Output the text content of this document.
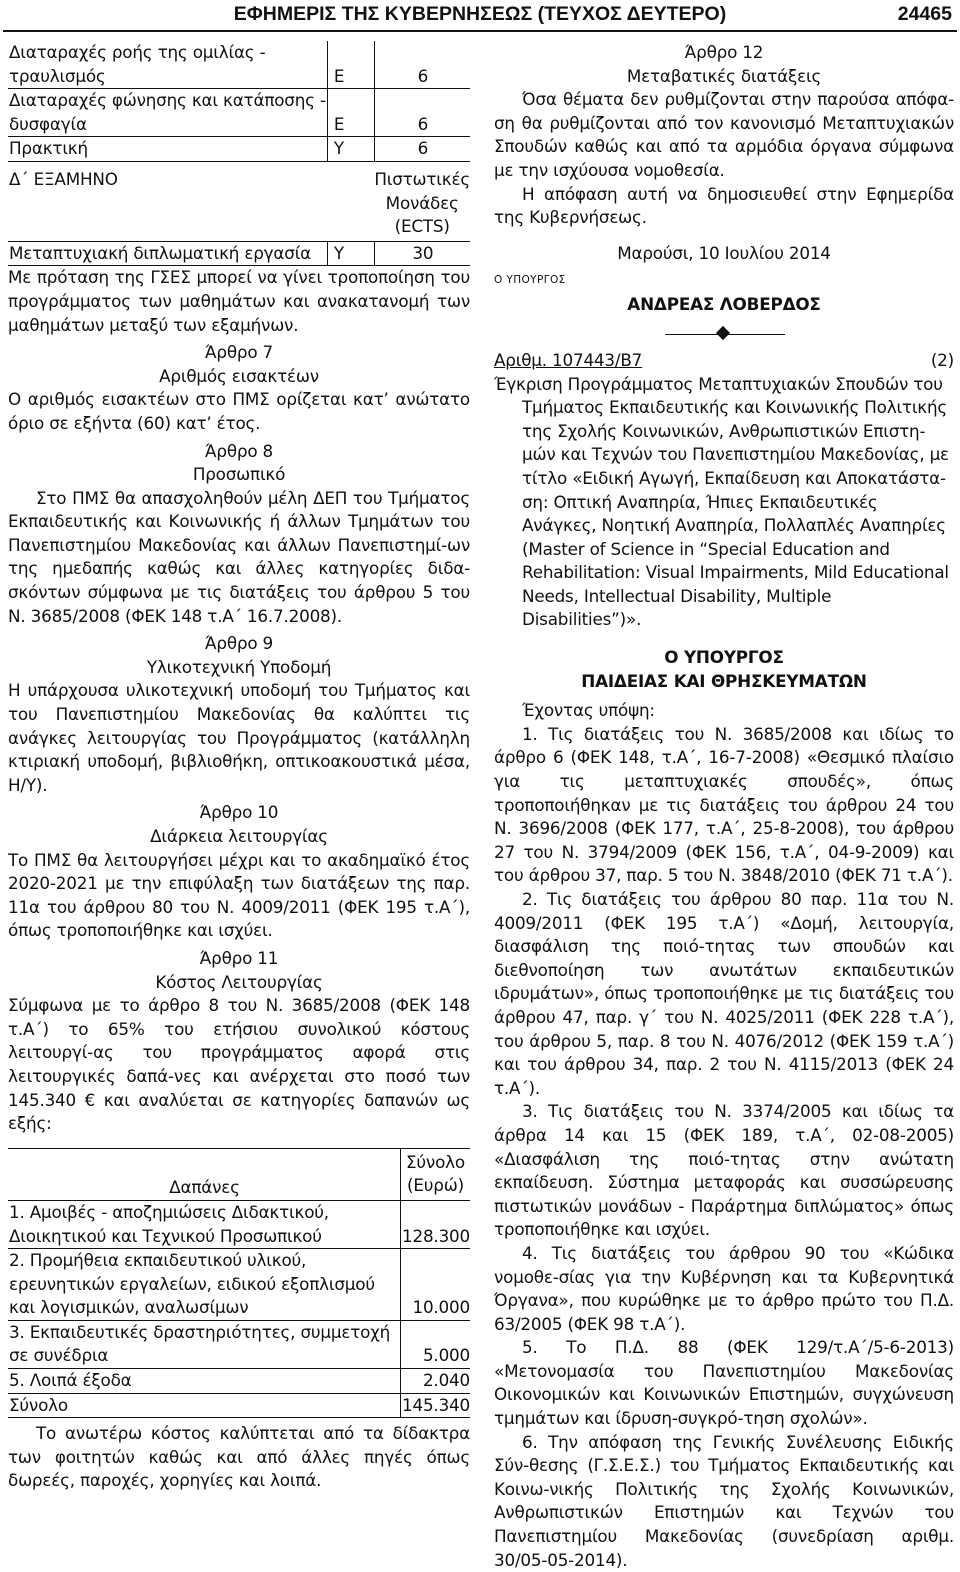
ΕΦΗΜΕΡΙΣ ΤΗΣ ΚΥΒΕΡΝΗΣΕΩΣ (ΤΕΥΧΟΣ ΔΕΥΤΕΡΟ)	24465
Διαταραχές ροής της ομιλίας ‑ τραυλισμός	Ε	6
Διαταραχές φώνησης και κατάποσης ‑ δυσφαγία	Ε	6
Πρακτική	Υ	6
Δ΄ ΕΞΑΜΗΝΟ		Πιστωτικές Μονάδες (ECTS)
Μεταπτυχιακή διπλωματική εργασία	Υ	30

Με πρόταση της ΓΣΕΣ μπορεί να γίνει τροποποίηση του προγράμματος των μαθημάτων και ανακατανομή των μαθημάτων μεταξύ των εξαμήνων.

Άρθρο 7

Αριθμός εισακτέων

Ο αριθμός εισακτέων στο ΠΜΣ ορίζεται κατ’ ανώτατο όριο σε εξήντα (60) κατ’ έτος.

Άρθρο 8

Προσωπικό

Στο ΠΜΣ θα απασχοληθούν μέλη ΔΕΠ του Τμήματος Εκπαιδευτικής και Κοινωνικής ή άλλων Τμημάτων του Πανεπιστημίου Μακεδονίας και άλλων Πανεπιστημί-ων της ημεδαπής καθώς και άλλες κατηγορίες διδα-σκόντων σύμφωνα με τις διατάξεις του άρθρου 5 του Ν. 3685/2008 (ΦΕΚ 148 τ.Α΄ 16.7.2008).

Άρθρο 9

Υλικοτεχνική Υποδομή

Η υπάρχουσα υλικοτεχνική υποδομή του Τμήματος και του Πανεπιστημίου Μακεδονίας θα καλύπτει τις ανάγκες λειτουργίας του Προγράμματος (κατάλληλη κτιριακή υποδομή, βιβλιοθήκη, οπτικοακουστικά μέσα, Η/Υ).

Άρθρο 10

Διάρκεια λειτουργίας

Το ΠΜΣ θα λειτουργήσει μέχρι και το ακαδημαϊκό έτος 2020‑2021 με την επιφύλαξη των διατάξεων της παρ. 11α του άρθρου 80 του Ν. 4009/2011 (ΦΕΚ 195 τ.Α΄), όπως τροποποιήθηκε και ισχύει.

Άρθρο 11

Κόστος Λειτουργίας

Σύμφωνα με το άρθρο 8 του Ν. 3685/2008 (ΦΕΚ 148 τ.Α΄) το 65% του ετήσιου συνολικού κόστους λειτουργί-ας του προγράμματος αφορά στις λειτουργικές δαπά-νες και ανέρχεται στο ποσό των 145.340 € και αναλύεται σε κατηγορίες δαπανών ως εξής:

Δαπάνες	Σύνολο (Ευρώ)
1. Αμοιβές ‑ αποζημιώσεις Διδακτικού, Διοικητικού και Τεχνικού Προσωπικού	128.300
2. Προμήθεια εκπαιδευτικού υλικού, ερευνητικών εργαλείων, ειδικού εξοπλισμού και λογισμικών, αναλωσίμων	10.000
3. Εκπαιδευτικές δραστηριότητες, συμμετοχή σε συνέδρια	5.000
5. Λοιπά έξοδα	2.040
Σύνολο	145.340

Το ανωτέρω κόστος καλύπτεται από τα δίδακτρα των φοιτητών καθώς και από άλλες πηγές όπως δωρεές, παροχές, χορηγίες και λοιπά.

Άρθρο 12

Μεταβατικές διατάξεις

Όσα θέματα δεν ρυθμίζονται στην παρούσα απόφα-ση θα ρυθμίζονται από τον κανονισμό Μεταπτυχιακών Σπουδών καθώς και από τα αρμόδια όργανα σύμφωνα με την ισχύουσα νομοθεσία.

Η απόφαση αυτή να δημοσιευθεί στην Εφημερίδα της Κυβερνήσεως.

Μαρούσι, 10 Ιουλίου 2014

Ο ΥΠΟΥΡΓΟΣ

ΑΝΔΡΕΑΣ ΛΟΒΕΡΔΟΣ

Αριθμ. 107443/Β7	(2)

Έγκριση Προγράμματος Μεταπτυχιακών Σπουδών του Τμήματος Εκπαιδευτικής και Κοινωνικής Πολιτικής της Σχολής Κοινωνικών, Ανθρωπιστικών Επιστη-μών και Τεχνών του Πανεπιστημίου Μακεδονίας, με τίτλο «Ειδική Αγωγή, Εκπαίδευση και Αποκατάστα-ση: Οπτική Αναπηρία, Ήπιες Εκπαιδευτικές Ανάγκες, Νοητική Αναπηρία, Πολλαπλές Αναπηρίες (Master of Science in “Special Education and Rehabilitation: Visual Impairments, Mild Educational Needs, Intellectual Disability, Multiple Disabilities”)».

Ο ΥΠΟΥΡΓΟΣ

ΠΑΙΔΕΙΑΣ ΚΑΙ ΘΡΗΣΚΕΥΜΑΤΩΝ

Έχοντας υπόψη:

1. Τις διατάξεις του Ν. 3685/2008 και ιδίως το άρθρο 6 (ΦΕΚ 148, τ.Α΄, 16‑7‑2008) «Θεσμικό πλαίσιο για τις μεταπτυχιακές σπουδές», όπως τροποποιήθηκαν με τις διατάξεις του άρθρου 24 του Ν. 3696/2008 (ΦΕΚ 177, τ.Α΄, 25‑8‑2008), του άρθρου 27 του Ν. 3794/2009 (ΦΕΚ 156, τ.Α΄, 04‑9‑2009) και του άρθρου 37, παρ. 5 του Ν. 3848/2010 (ΦΕΚ 71 τ.Α΄).

2. Τις διατάξεις του άρθρου 80 παρ. 11α του Ν. 4009/2011 (ΦΕΚ 195 τ.Α΄) «Δομή, λειτουργία, διασφάλιση της ποιό-τητας των σπουδών και διεθνοποίηση των ανωτάτων εκπαιδευτικών ιδρυμάτων», όπως τροποποιήθηκε με τις διατάξεις του άρθρου 47, παρ. γ΄ του Ν. 4025/2011 (ΦΕΚ 228 τ.Α΄), του άρθρου 5, παρ. 8 του Ν. 4076/2012 (ΦΕΚ 159 τ.Α΄) και του άρθρου 34, παρ. 2 του Ν. 4115/2013 (ΦΕΚ 24 τ.Α΄).

3. Τις διατάξεις του Ν. 3374/2005 και ιδίως τα άρθρα 14 και 15 (ΦΕΚ 189, τ.Α΄, 02‑08‑2005) «Διασφάλιση της ποιό-τητας στην ανώτατη εκπαίδευση. Σύστημα μεταφοράς και συσσώρευσης πιστωτικών μονάδων ‑ Παράρτημα διπλώματος» όπως τροποποιήθηκε και ισχύει.

4. Τις διατάξεις του άρθρου 90 του «Κώδικα νομοθε-σίας για την Κυβέρνηση και τα Κυβερνητικά Όργανα», που κυρώθηκε με το άρθρο πρώτο του Π.Δ. 63/2005 (ΦΕΚ 98 τ.Α΄).

5. Το Π.Δ. 88 (ΦΕΚ 129/τ.Α΄/5‑6‑2013) «Μετονομασία του Πανεπιστημίου Μακεδονίας Οικονομικών και Κοινωνικών Επιστημών, συγχώνευση τμημάτων και ίδρυση‑συγκρό-τηση σχολών».

6. Την απόφαση της Γενικής Συνέλευσης Ειδικής Σύν-θεσης (Γ.Σ.Ε.Σ.) του Τμήματος Εκπαιδευτικής και Κοινω-νικής Πολιτικής της Σχολής Κοινωνικών, Ανθρωπιστικών Επιστημών και Τεχνών του Πανεπιστημίου Μακεδονίας (συνεδρίαση αριθμ. 30/05‑05‑2014).
